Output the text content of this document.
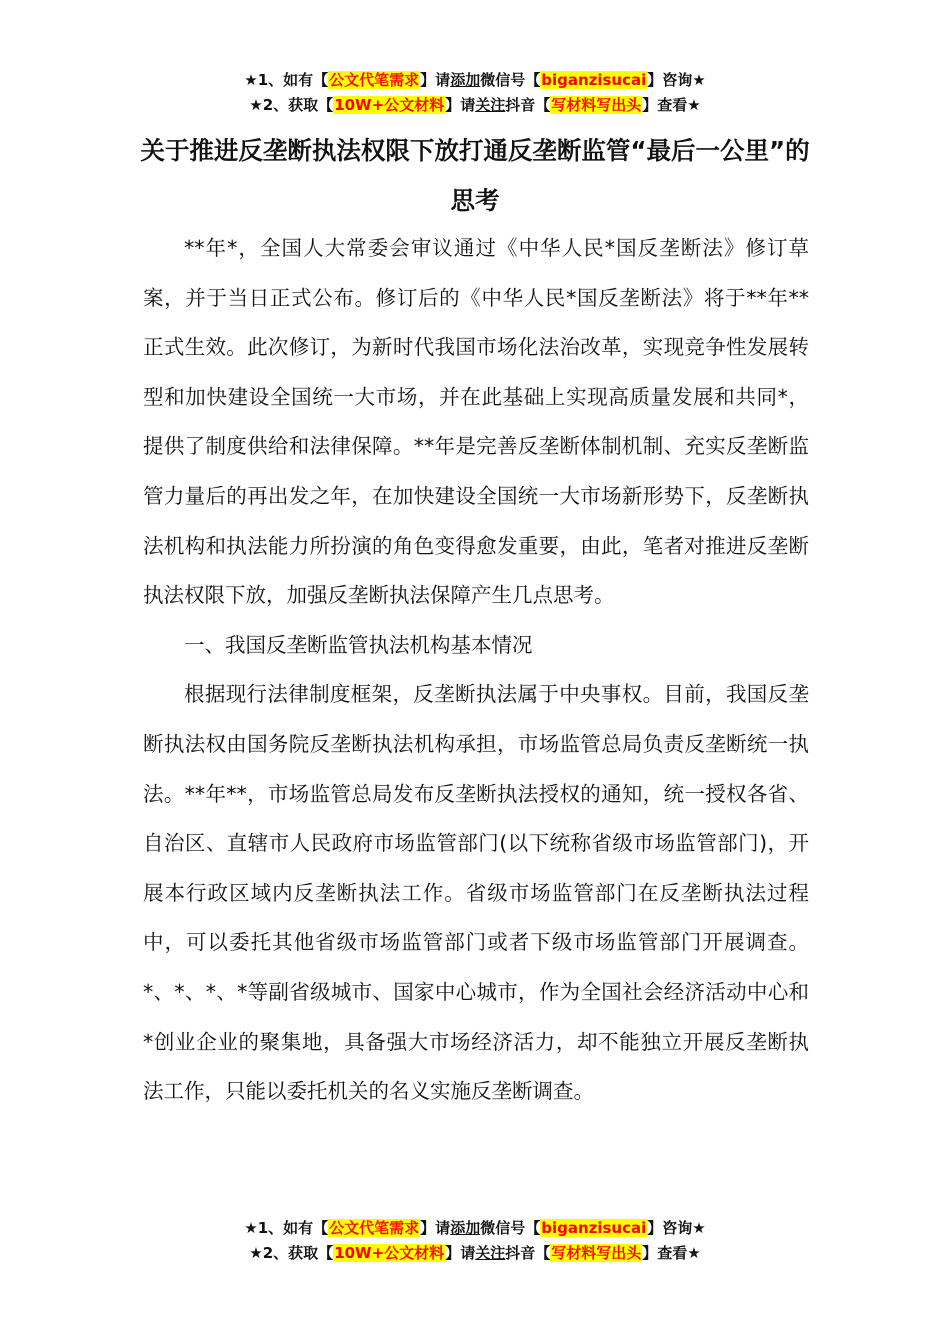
★1、如有【公文代笔需求】请添加微信号【biganzisucai】咨询★
★2、获取【10W+公文材料】请关注抖音【写材料写出头】查看★
关于推进反垄断执法权限下放打通反垄断监管“最后一公里”的思考

**年*，全国人大常委会审议通过《中华人民*国反垄断法》修订草案，并于当日正式公布。修订后的《中华人民*国反垄断法》将于**年**正式生效。此次修订，为新时代我国市场化法治改革，实现竞争性发展转型和加快建设全国统一大市场，并在此基础上实现高质量发展和共同*，提供了制度供给和法律保障。**年是完善反垄断体制机制、充实反垄断监管力量后的再出发之年，在加快建设全国统一大市场新形势下，反垄断执法机构和执法能力所扮演的角色变得愈发重要，由此，笔者对推进反垄断执法权限下放，加强反垄断执法保障产生几点思考。

一、我国反垄断监管执法机构基本情况

根据现行法律制度框架，反垄断执法属于中央事权。目前，我国反垄断执法权由国务院反垄断执法机构承担，市场监管总局负责反垄断统一执法。**年**，市场监管总局发布反垄断执法授权的通知，统一授权各省、自治区、直辖市人民政府市场监管部门(以下统称省级市场监管部门)，开展本行政区域内反垄断执法工作。省级市场监管部门在反垄断执法过程中，可以委托其他省级市场监管部门或者下级市场监管部门开展调查。*、*、*、*等副省级城市、国家中心城市，作为全国社会经济活动中心和*创业企业的聚集地，具备强大市场经济活力，却不能独立开展反垄断执法工作，只能以委托机关的名义实施反垄断调查。

★1、如有【公文代笔需求】请添加微信号【biganzisucai】咨询★
★2、获取【10W+公文材料】请关注抖音【写材料写出头】查看★
